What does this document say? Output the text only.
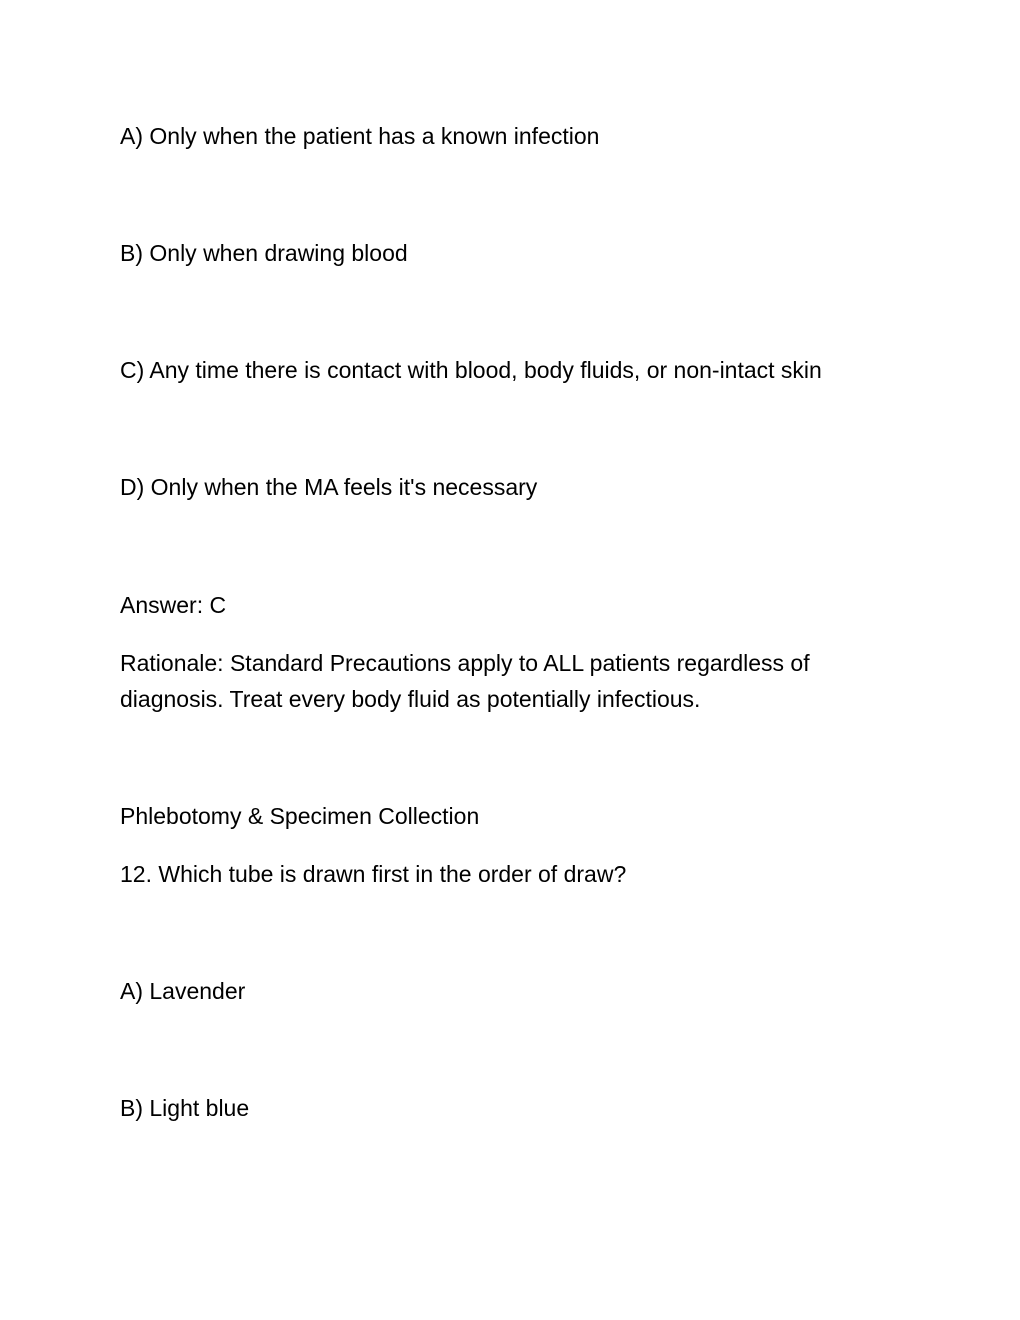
A) Only when the patient has a known infection
B) Only when drawing blood
C) Any time there is contact with blood, body fluids, or non-intact skin
D) Only when the MA feels it's necessary
Answer: C
Rationale: Standard Precautions apply to ALL patients regardless of
diagnosis. Treat every body fluid as potentially infectious.
Phlebotomy & Specimen Collection
12. Which tube is drawn first in the order of draw?
A) Lavender
B) Light blue
